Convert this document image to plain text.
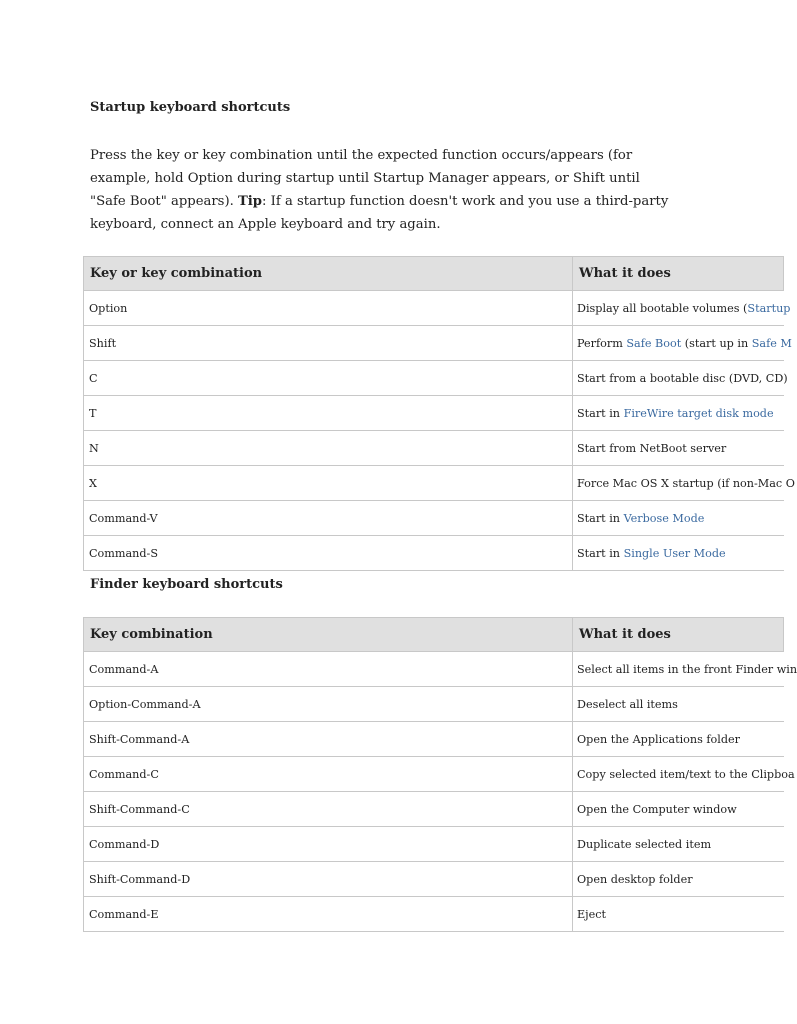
Startup keyboard shortcuts

Press the key or key combination until the expected function occurs/appears (for example, hold Option during startup until Startup Manager appears, or Shift until "Safe Boot" appears). Tip: If a startup function doesn't work and you use a third-party keyboard, connect an Apple keyboard and try again.

Key or key combination	What it does
Option	Display all bootable volumes (Startup
Shift	Perform Safe Boot (start up in Safe M
C	Start from a bootable disc (DVD, CD)
T	Start in FireWire target disk mode
N	Start from NetBoot server
X	Force Mac OS X startup (if non-Mac O
Command-V	Start in Verbose Mode
Command-S	Start in Single User Mode
Finder keyboard shortcuts
Key combination	What it does
Command-A	Select all items in the front Finder win
Option-Command-A	Deselect all items
Shift-Command-A	Open the Applications folder
Command-C	Copy selected item/text to the Clipboa
Shift-Command-C	Open the Computer window
Command-D	Duplicate selected item
Shift-Command-D	Open desktop folder
Command-E	Eject
